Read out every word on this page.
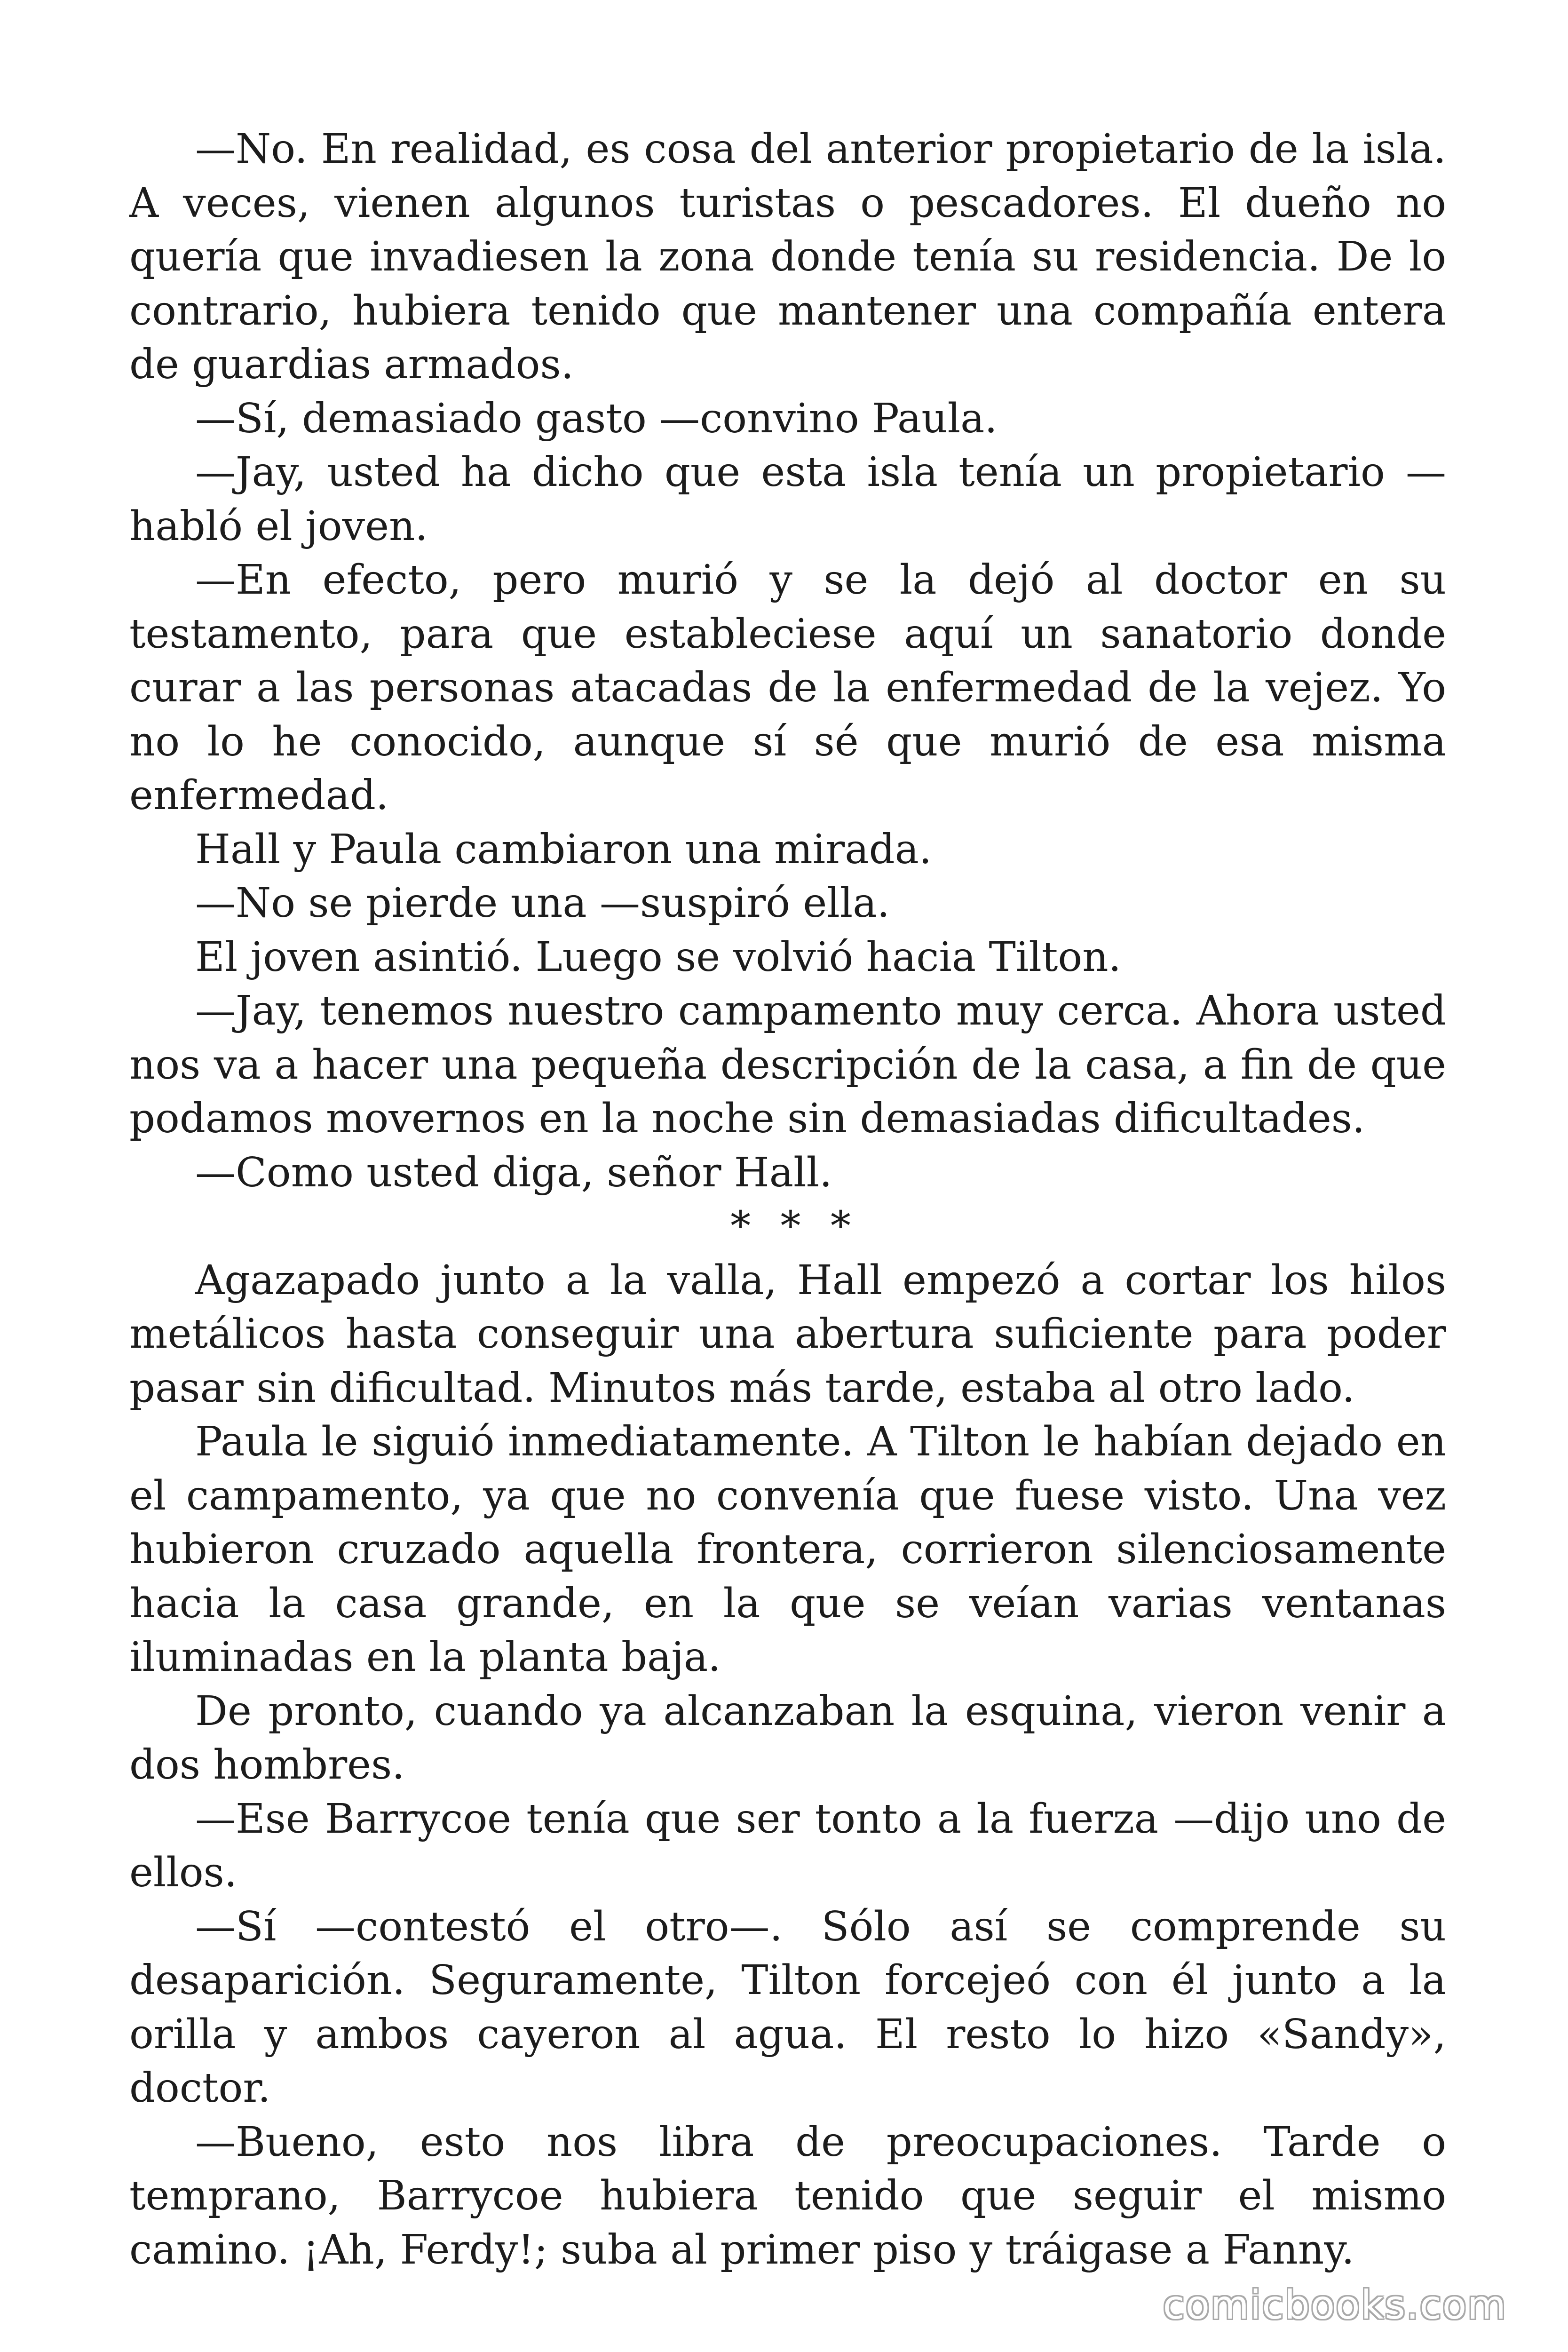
—No. En realidad, es cosa del anterior propietario de la isla. A veces, vienen algunos turistas o pescadores. El dueño no quería que invadiesen la zona donde tenía su residencia. De lo contrario, hubiera tenido que mantener una compañía entera de guardias armados.

—Sí, demasiado gasto —convino Paula.

—Jay, usted ha dicho que esta isla tenía un propietario —habló el joven.

—En efecto, pero murió y se la dejó al doctor en su testamento, para que estableciese aquí un sanatorio donde curar a las personas atacadas de la enfermedad de la vejez. Yo no lo he conocido, aunque sí sé que murió de esa misma enfermedad.

Hall y Paula cambiaron una mirada.

—No se pierde una —suspiró ella.

El joven asintió. Luego se volvió hacia Tilton.

—Jay, tenemos nuestro campamento muy cerca. Ahora usted nos va a hacer una pequeña descripción de la casa, a fin de que podamos movernos en la noche sin demasiadas dificultades.

—Como usted diga, señor Hall.

* * *

Agazapado junto a la valla, Hall empezó a cortar los hilos metálicos hasta conseguir una abertura suficiente para poder pasar sin dificultad. Minutos más tarde, estaba al otro lado.

Paula le siguió inmediatamente. A Tilton le habían dejado en el campamento, ya que no convenía que fuese visto. Una vez hubieron cruzado aquella frontera, corrieron silenciosamente hacia la casa grande, en la que se veían varias ventanas iluminadas en la planta baja.

De pronto, cuando ya alcanzaban la esquina, vieron venir a dos hombres.

—Ese Barrycoe tenía que ser tonto a la fuerza —dijo uno de ellos.

—Sí —contestó el otro—. Sólo así se comprende su desaparición. Seguramente, Tilton forcejeó con él junto a la orilla y ambos cayeron al agua. El resto lo hizo «Sandy», doctor.

—Bueno, esto nos libra de preocupaciones. Tarde o temprano, Barrycoe hubiera tenido que seguir el mismo camino. ¡Ah, Ferdy!; suba al primer piso y tráigase a Fanny.

comicbooks.com
